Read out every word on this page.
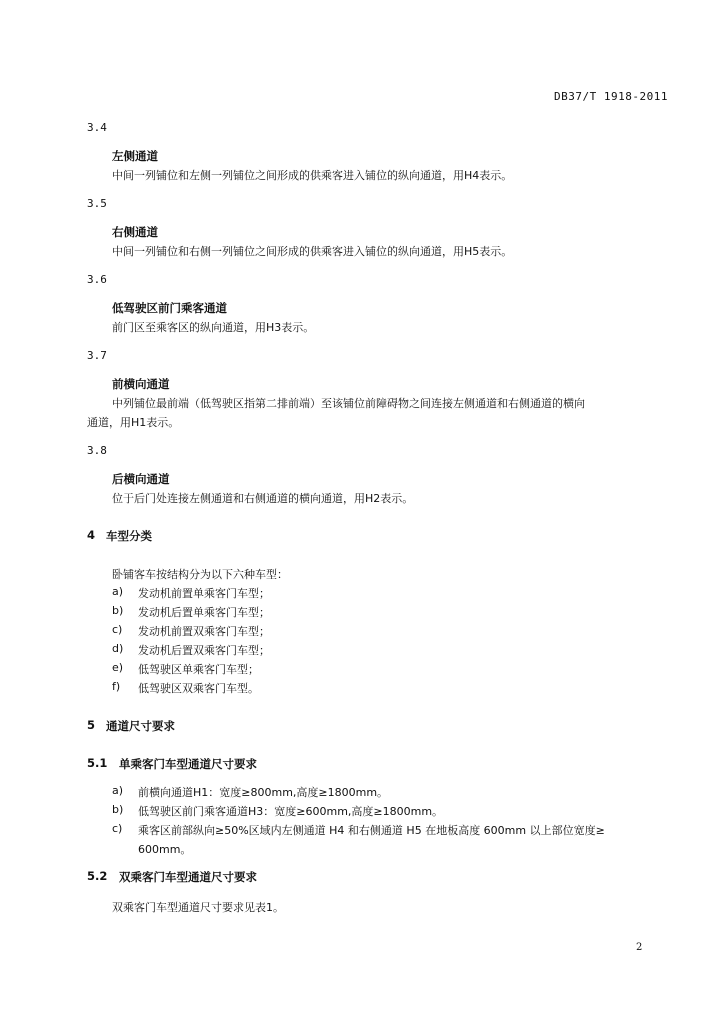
DB37/T 1918-2011
3.4
左侧通道
中间一列铺位和左侧一列铺位之间形成的供乘客进入铺位的纵向通道，用H4表示。
3.5
右侧通道
中间一列铺位和右侧一列铺位之间形成的供乘客进入铺位的纵向通道，用H5表示。
3.6
低驾驶区前门乘客通道
前门区至乘客区的纵向通道，用H3表示。
3.7
前横向通道
中列铺位最前端（低驾驶区指第二排前端）至该铺位前障碍物之间连接左侧通道和右侧通道的横向
通道，用H1表示。
3.8
后横向通道
位于后门处连接左侧通道和右侧通道的横向通道，用H2表示。
4 车型分类
卧铺客车按结构分为以下六种车型：
a) 发动机前置单乘客门车型；
b) 发动机后置单乘客门车型；
c) 发动机前置双乘客门车型；
d) 发动机后置双乘客门车型；
e) 低驾驶区单乘客门车型；
f) 低驾驶区双乘客门车型。
5 通道尺寸要求
5.1 单乘客门车型通道尺寸要求
a) 前横向通道H1：宽度≥800mm,高度≥1800mm。
b) 低驾驶区前门乘客通道H3：宽度≥600mm,高度≥1800mm。
c) 乘客区前部纵向≥50%区域内左侧通道 H4 和右侧通道 H5 在地板高度 600mm 以上部位宽度≥
600mm。
5.2 双乘客门车型通道尺寸要求
双乘客门车型通道尺寸要求见表1。
2
